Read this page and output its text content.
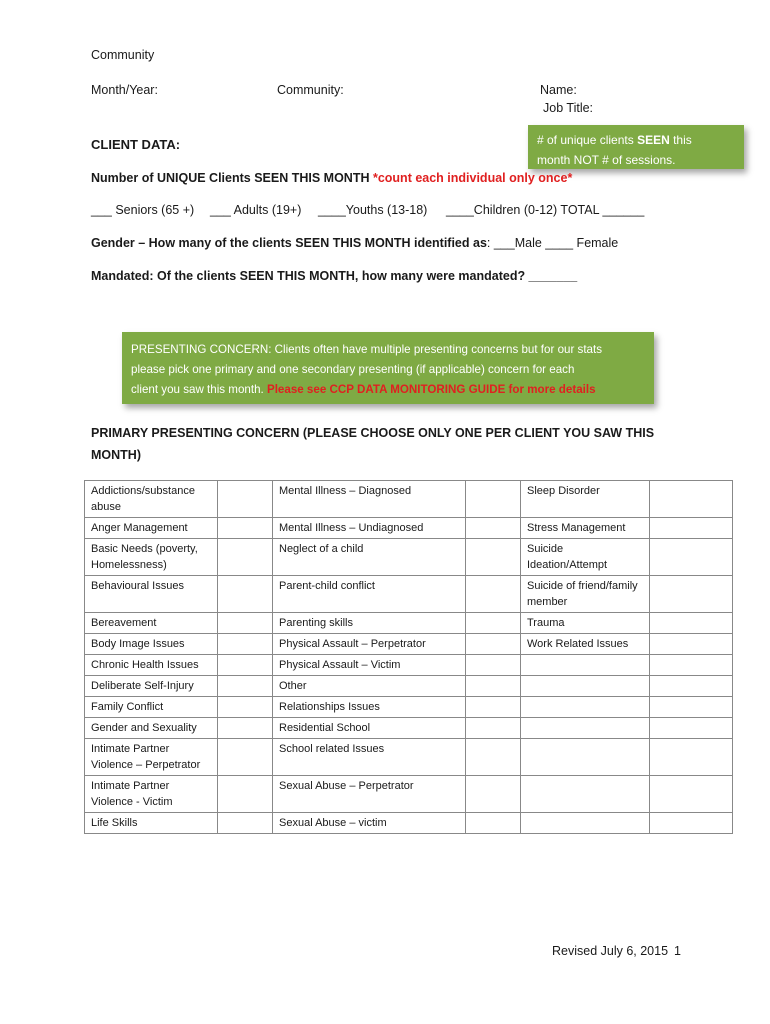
Community
Month/Year:	Community:	Name:
Job Title:
CLIENT DATA:	# of unique clients SEEN this
month NOT # of sessions.
Number of UNIQUE Clients SEEN THIS MONTH *count each individual only once*
___ Seniors (65 +) ___ Adults (19+) ____Youths (13-18) ____Children (0-12) TOTAL ______
Gender – How many of the clients SEEN THIS MONTH identified as: ___Male ____ Female
Mandated: Of the clients SEEN THIS MONTH, how many were mandated? _______
PRESENTING CONCERN: Clients often have multiple presenting concerns but for our stats
please pick one primary and one secondary presenting (if applicable) concern for each
client you saw this month. Please see CCP DATA MONITORING GUIDE for more details
PRIMARY PRESENTING CONCERN (PLEASE CHOOSE ONLY ONE PER CLIENT YOU SAW THIS
MONTH)
Addictions/substance abuse		Mental Illness – Diagnosed		Sleep Disorder	
Anger Management		Mental Illness – Undiagnosed		Stress Management	
Basic Needs (poverty, Homelessness)		Neglect of a child		Suicide Ideation/Attempt	
Behavioural Issues		Parent-child conflict		Suicide of friend/family member	
Bereavement		Parenting skills		Trauma	
Body Image Issues		Physical Assault – Perpetrator		Work Related Issues	
Chronic Health Issues		Physical Assault – Victim			
Deliberate Self-Injury		Other			
Family Conflict		Relationships Issues			
Gender and Sexuality		Residential School			
Intimate Partner Violence – Perpetrator		School related Issues			
Intimate Partner Violence - Victim		Sexual Abuse – Perpetrator			
Life Skills		Sexual Abuse – victim			
Revised July 6, 2015 1
